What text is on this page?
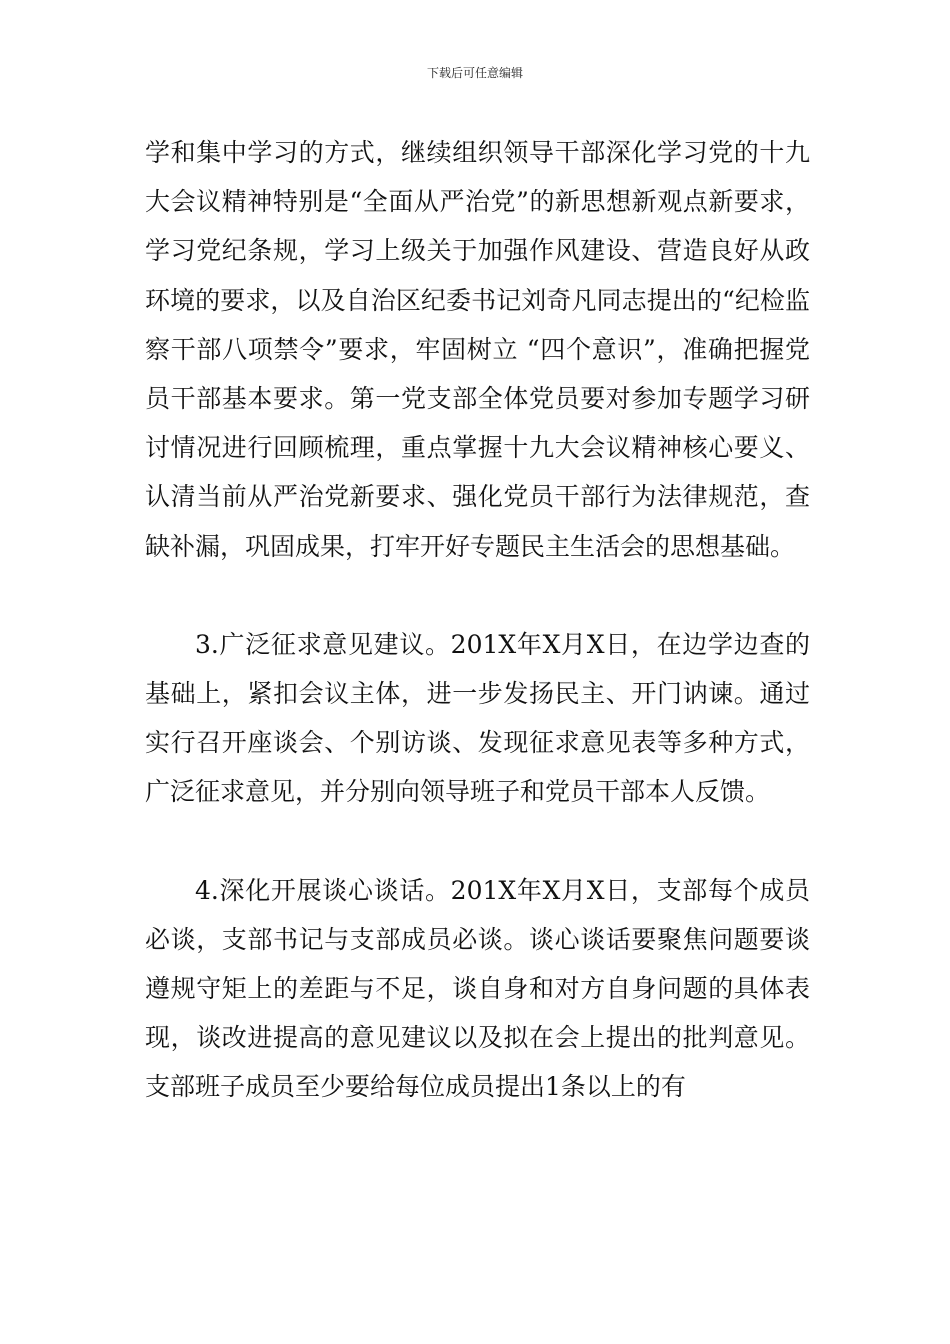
下载后可任意编辑

学和集中学习的方式，继续组织领导干部深化学习党的十九大会议精神特别是“全面从严治党”的新思想新观点新要求，学习党纪条规，学习上级关于加强作风建设、营造良好从政环境的要求，以及自治区纪委书记刘奇凡同志提出的“纪检监察干部八项禁令”要求，牢固树立 “四个意识”，准确把握党员干部基本要求。第一党支部全体党员要对参加专题学习研讨情况进行回顾梳理，重点掌握十九大会议精神核心要义、认清当前从严治党新要求、强化党员干部行为法律规范，查缺补漏，巩固成果，打牢开好专题民主生活会的思想基础。

3.广泛征求意见建议。201X年X月X日，在边学边查的基础上，紧扣会议主体，进一步发扬民主、开门讷谏。通过实行召开座谈会、个别访谈、发现征求意见表等多种方式，广泛征求意见，并分别向领导班子和党员干部本人反馈。

4.深化开展谈心谈话。201X年X月X日，支部每个成员必谈，支部书记与支部成员必谈。谈心谈话要聚焦问题要谈遵规守矩上的差距与不足，谈自身和对方自身问题的具体表现，谈改进提高的意见建议以及拟在会上提出的批判意见。支部班子成员至少要给每位成员提出1条以上的有
